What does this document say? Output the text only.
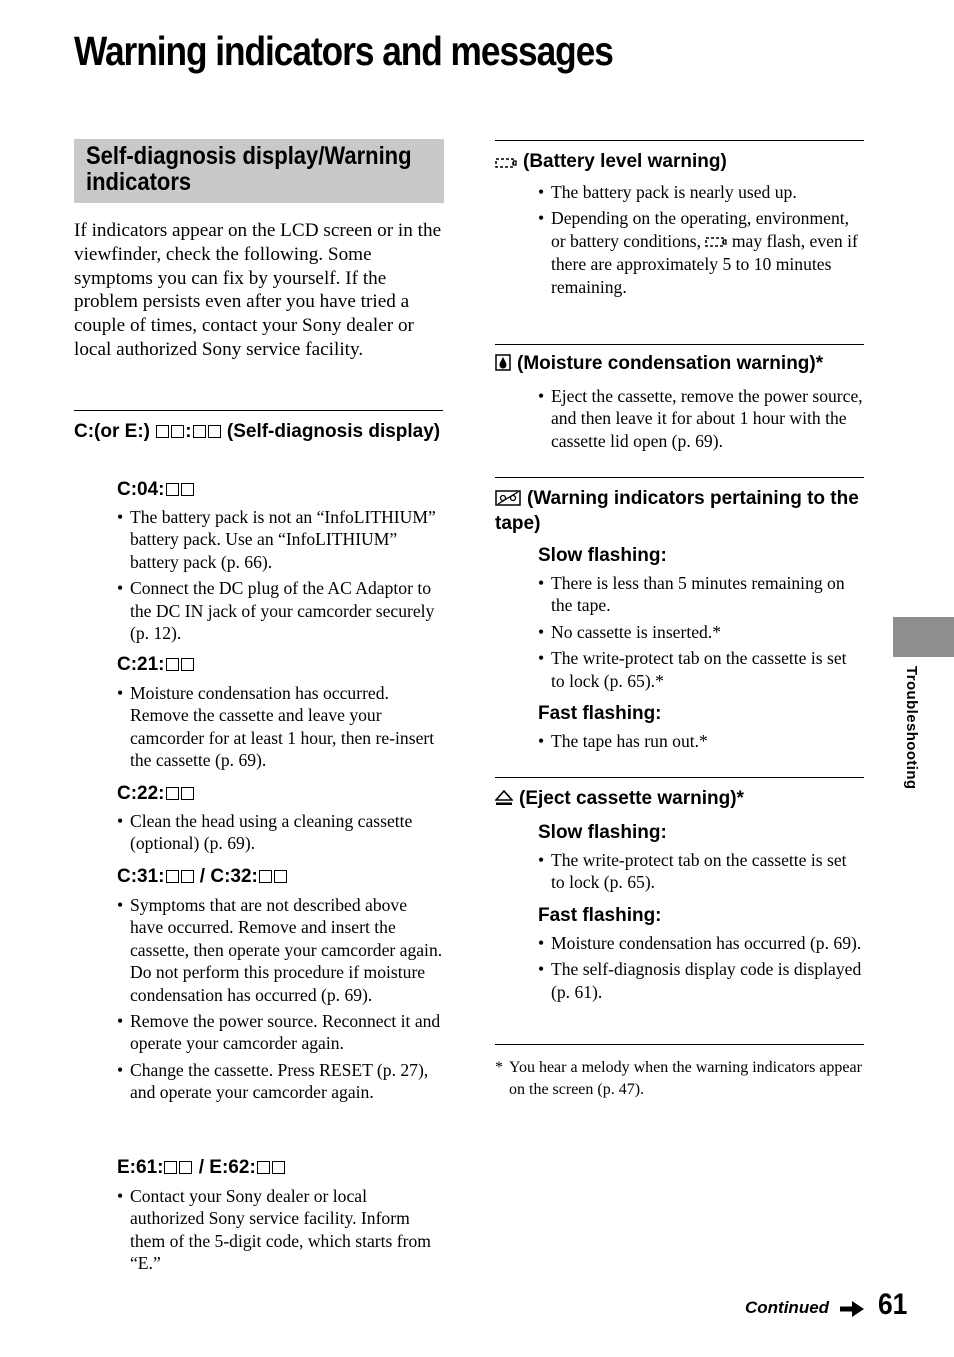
Warning indicators and messages
Self-diagnosis display/Warning indicators

If indicators appear on the LCD screen or in the viewfinder, check the following. Some symptoms you can fix by yourself. If the problem persists even after you have tried a couple of times, contact your Sony dealer or local authorized Sony service facility.

C:(or E:) : (Self-diagnosis display)
C:04:
• The battery pack is not an “InfoLITHIUM” battery pack. Use an “InfoLITHIUM” battery pack (p. 66).
• Connect the DC plug of the AC Adaptor to the DC IN jack of your camcorder securely (p. 12).
C:21:
• Moisture condensation has occurred. Remove the cassette and leave your camcorder for at least 1 hour, then re-insert the cassette (p. 69).
C:22:
• Clean the head using a cleaning cassette (optional) (p. 69).
C:31: / C:32:
• Symptoms that are not described above have occurred. Remove and insert the cassette, then operate your camcorder again. Do not perform this procedure if moisture condensation has occurred (p. 69).
• Remove the power source. Reconnect it and operate your camcorder again.
• Change the cassette. Press RESET (p. 27), and operate your camcorder again.
E:61: / E:62:
• Contact your Sony dealer or local authorized Sony service facility. Inform them of the 5-digit code, which starts from “E.”
(Battery level warning)
• The battery pack is nearly used up.
• Depending on the operating, environment, or battery conditions, may flash, even if there are approximately 5 to 10 minutes remaining.
(Moisture condensation warning)*
• Eject the cassette, remove the power source, and then leave it for about 1 hour with the cassette lid open (p. 69).
(Warning indicators pertaining to the tape)
Slow flashing:
• There is less than 5 minutes remaining on the tape.
• No cassette is inserted.*
• The write-protect tab on the cassette is set to lock (p. 65).*
Fast flashing:
• The tape has run out.*
(Eject cassette warning)*
Slow flashing:
• The write-protect tab on the cassette is set to lock (p. 65).
Fast flashing:
• Moisture condensation has occurred (p. 69).
• The self-diagnosis display code is displayed (p. 61).

* You hear a melody when the warning indicators appear on the screen (p. 47).

Troubleshooting
Continued 61
